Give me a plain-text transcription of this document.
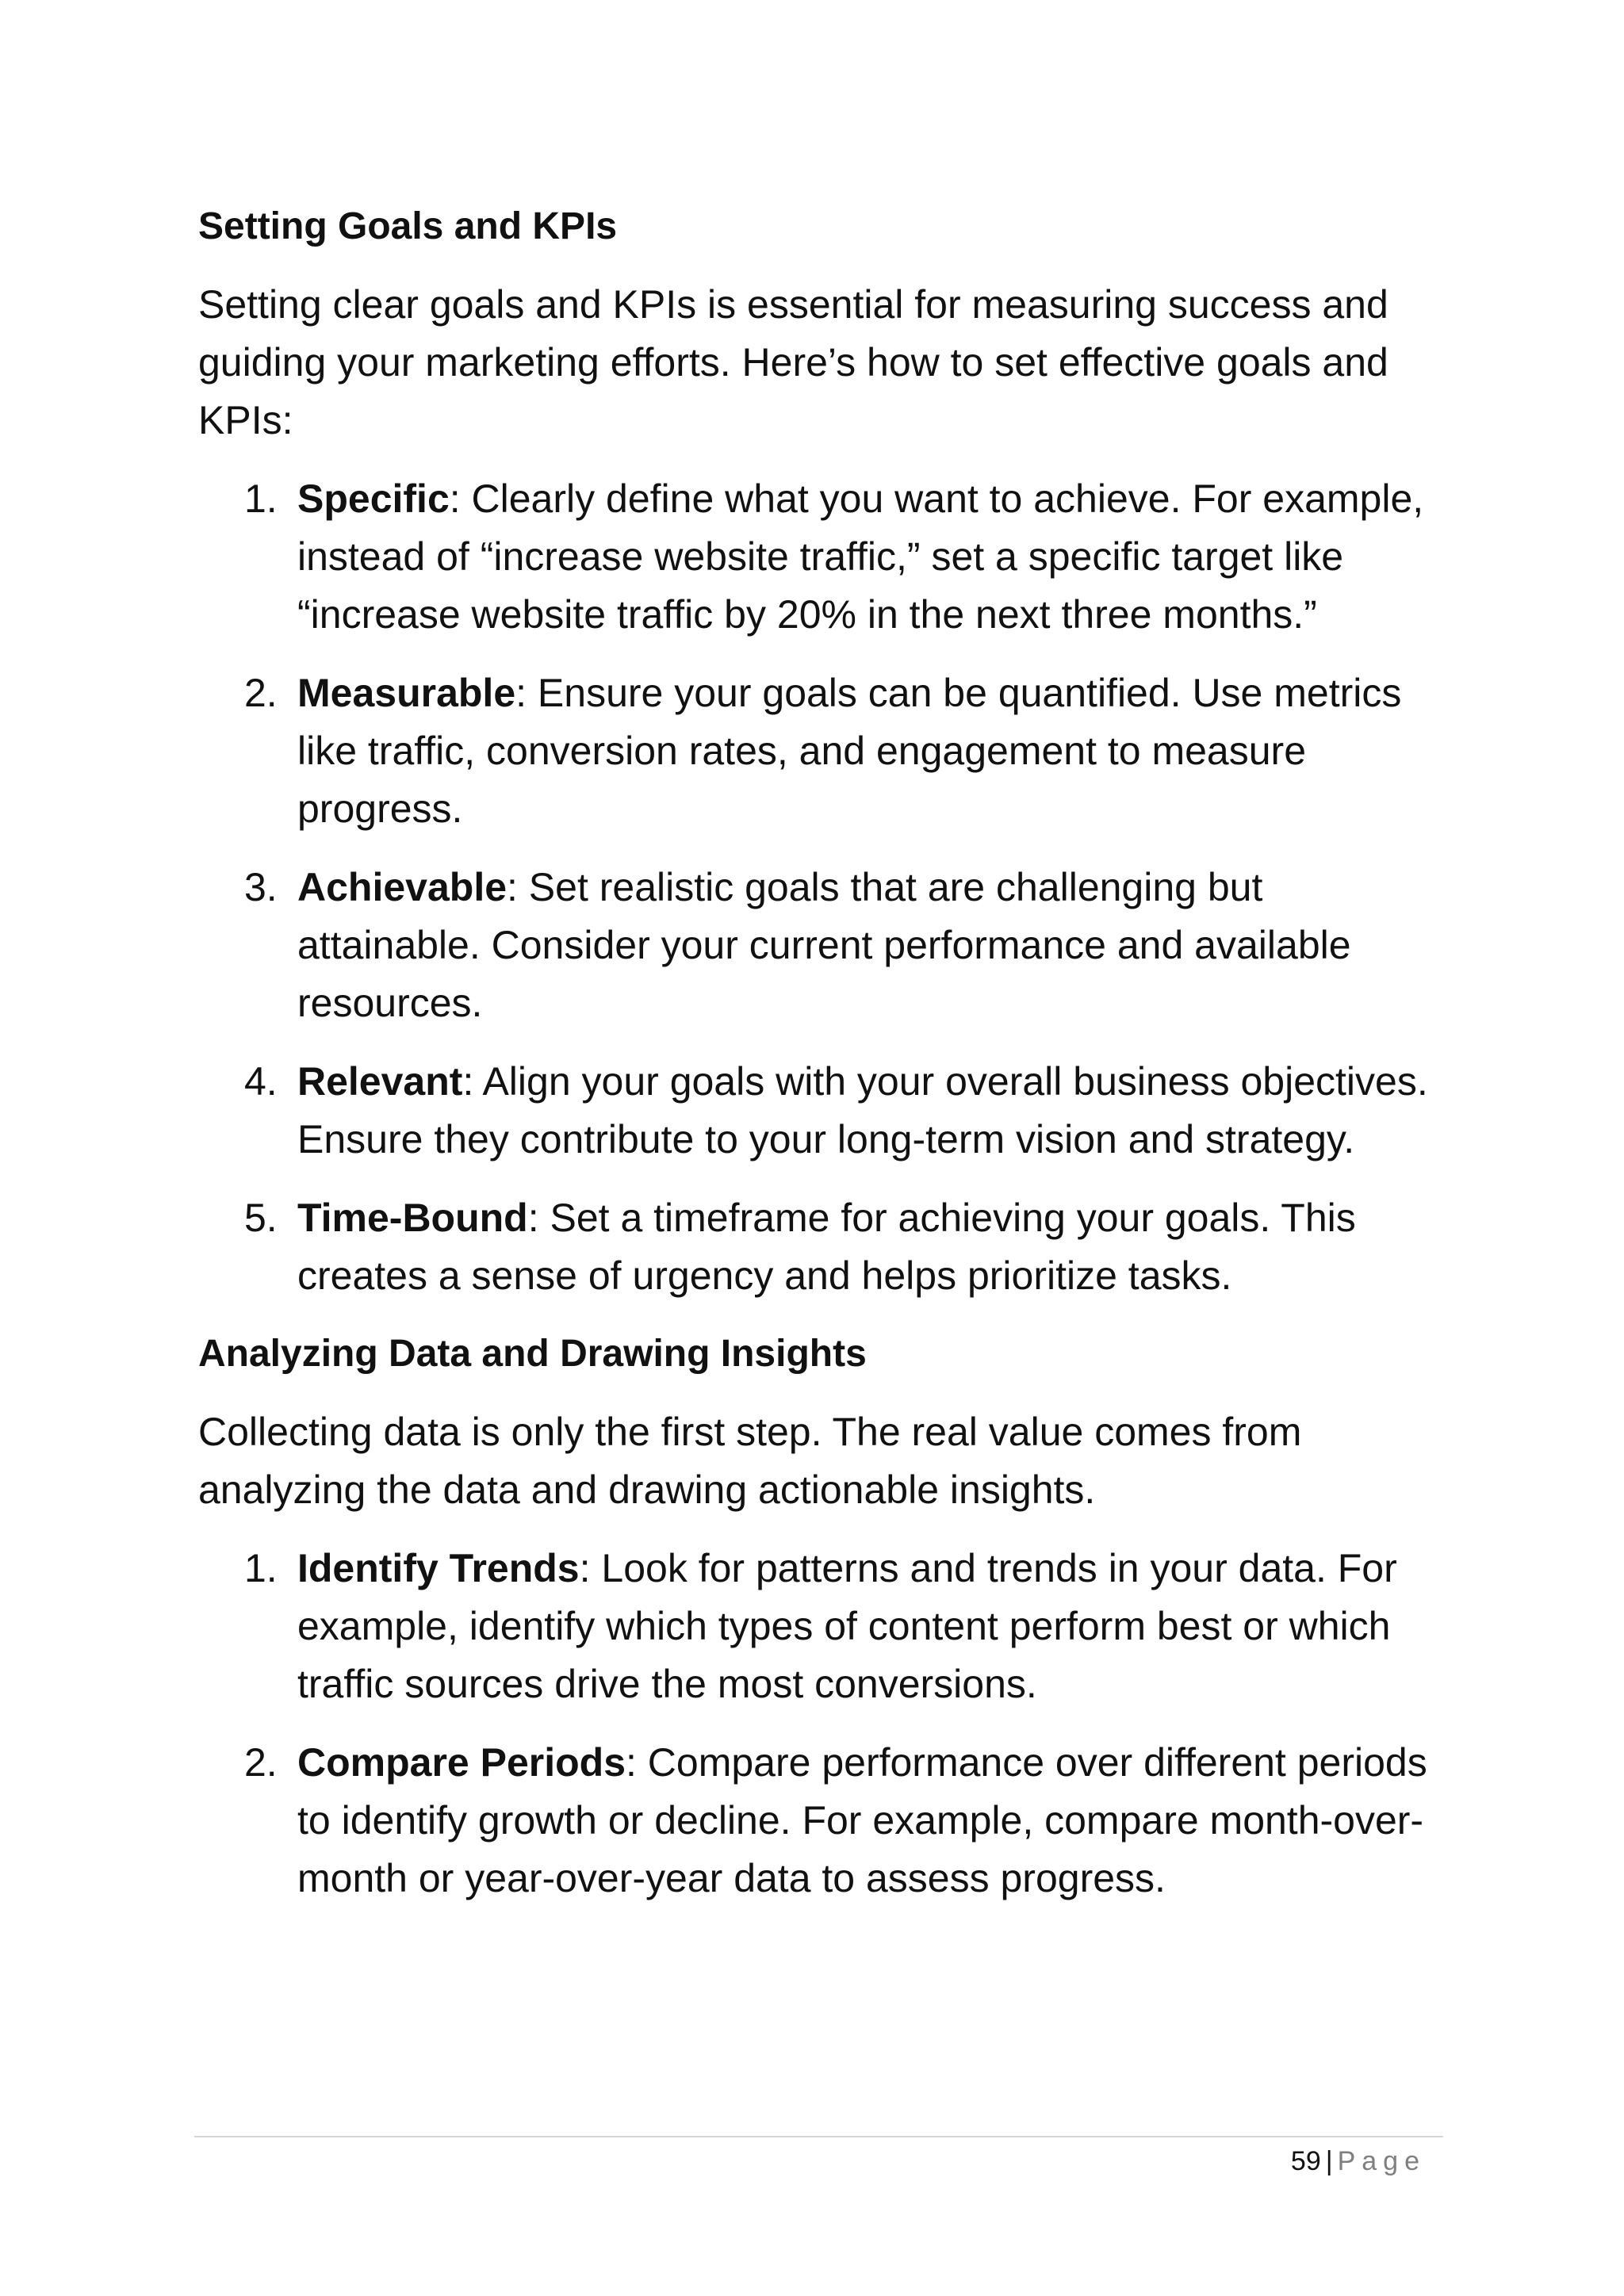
Setting Goals and KPIs
Setting clear goals and KPIs is essential for measuring success and guiding your marketing efforts. Here’s how to set effective goals and KPIs:
1. Specific: Clearly define what you want to achieve. For example, instead of “increase website traffic,” set a specific target like “increase website traffic by 20% in the next three months.”
2. Measurable: Ensure your goals can be quantified. Use metrics like traffic, conversion rates, and engagement to measure progress.
3. Achievable: Set realistic goals that are challenging but attainable. Consider your current performance and available resources.
4. Relevant: Align your goals with your overall business objectives. Ensure they contribute to your long-term vision and strategy.
5. Time-Bound: Set a timeframe for achieving your goals. This creates a sense of urgency and helps prioritize tasks.
Analyzing Data and Drawing Insights
Collecting data is only the first step. The real value comes from analyzing the data and drawing actionable insights.
1. Identify Trends: Look for patterns and trends in your data. For example, identify which types of content perform best or which traffic sources drive the most conversions.
2. Compare Periods: Compare performance over different periods to identify growth or decline. For example, compare month-over-month or year-over-year data to assess progress.
59 | Page
